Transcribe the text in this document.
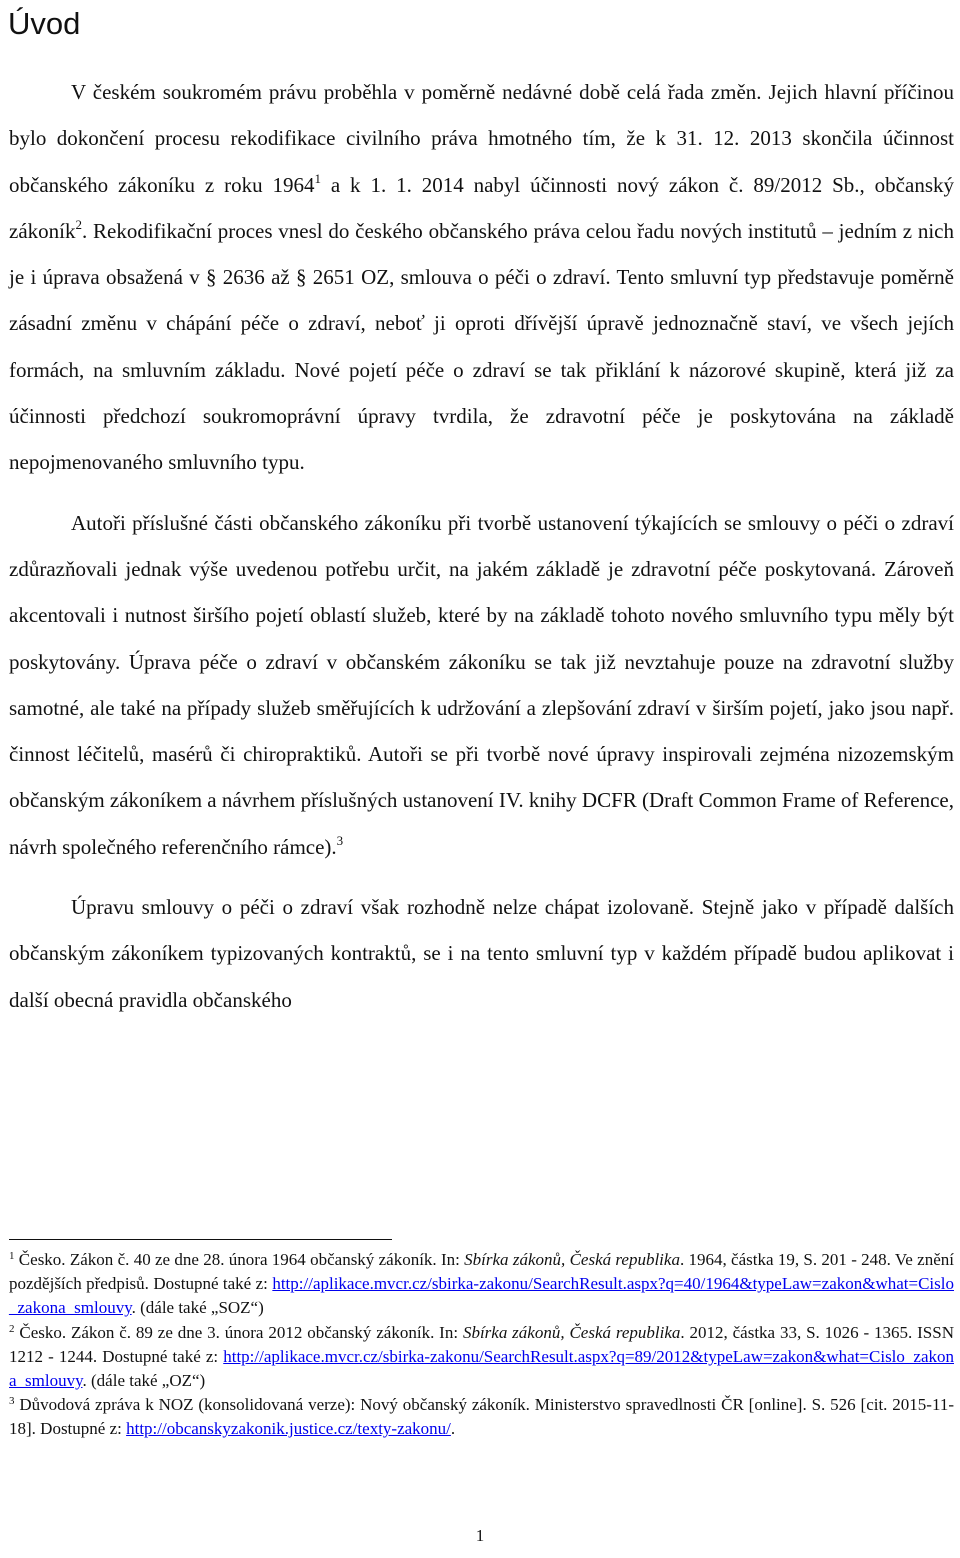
Úvod

V českém soukromém právu proběhla v poměrně nedávné době celá řada změn. Jejich hlavní příčinou bylo dokončení procesu rekodifikace civilního práva hmotného tím, že k 31. 12. 2013 skončila účinnost občanského zákoníku z roku 1964$^1$ a k 1. 1. 2014 nabyl účinnosti nový zákon č. 89/2012 Sb., občanský zákoník$^2$. Rekodifikační proces vnesl do českého občanského práva celou řadu nových institutů – jedním z nich je i úprava obsažená v § 2636 až § 2651 OZ, smlouva o péči o zdraví. Tento smluvní typ představuje poměrně zásadní změnu v chápání péče o zdraví, neboť ji oproti dřívější úpravě jednoznačně staví, ve všech jejích formách, na smluvním základu. Nové pojetí péče o zdraví se tak přiklání k názorové skupině, která již za účinnosti předchozí soukromoprávní úpravy tvrdila, že zdravotní péče je poskytována na základě nepojmenovaného smluvního typu.

Autoři příslušné části občanského zákoníku při tvorbě ustanovení týkajících se smlouvy o péči o zdraví zdůrazňovali jednak výše uvedenou potřebu určit, na jakém základě je zdravotní péče poskytovaná. Zároveň akcentovali i nutnost širšího pojetí oblastí služeb, které by na základě tohoto nového smluvního typu měly být poskytovány. Úprava péče o zdraví v občanském zákoníku se tak již nevztahuje pouze na zdravotní služby samotné, ale také na případy služeb směřujících k udržování a zlepšování zdraví v širším pojetí, jako jsou např. činnost léčitelů, masérů či chiropraktiků. Autoři se při tvorbě nové úpravy inspirovali zejména nizozemským občanským zákoníkem a návrhem příslušných ustanovení IV. knihy DCFR (Draft Common Frame of Reference, návrh společného referenčního rámce).$^3$

Úpravu smlouvy o péči o zdraví však rozhodně nelze chápat izolovaně. Stejně jako v případě dalších občanským zákoníkem typizovaných kontraktů, se i na tento smluvní typ v každém případě budou aplikovat i další obecná pravidla občanského

$^1$ Česko. Zákon č. 40 ze dne 28. února 1964 občanský zákoník. In: Sbírka zákonů, Česká republika. 1964, částka 19, S. 201 - 248. Ve znění pozdějších předpisů. Dostupné také z: http://aplikace.mvcr.cz/sbirka-zakonu/SearchResult.aspx?q=40/1964&typeLaw=zakon&what=Cislo_zakona_smlouvy. (dále také „SOZ“)

$^2$ Česko. Zákon č. 89 ze dne 3. února 2012 občanský zákoník. In: Sbírka zákonů, Česká republika. 2012, částka 33, S. 1026 - 1365. ISSN 1212 - 1244. Dostupné také z: http://aplikace.mvcr.cz/sbirka-zakonu/SearchResult.aspx?q=89/2012&typeLaw=zakon&what=Cislo_zakona_smlouvy. (dále také „OZ“)

$^3$ Důvodová zpráva k NOZ (konsolidovaná verze): Nový občanský zákoník. Ministerstvo spravedlnosti ČR [online]. S. 526 [cit. 2015-11-18]. Dostupné z: http://obcanskyzakonik.justice.cz/texty-zakonu/.

1
